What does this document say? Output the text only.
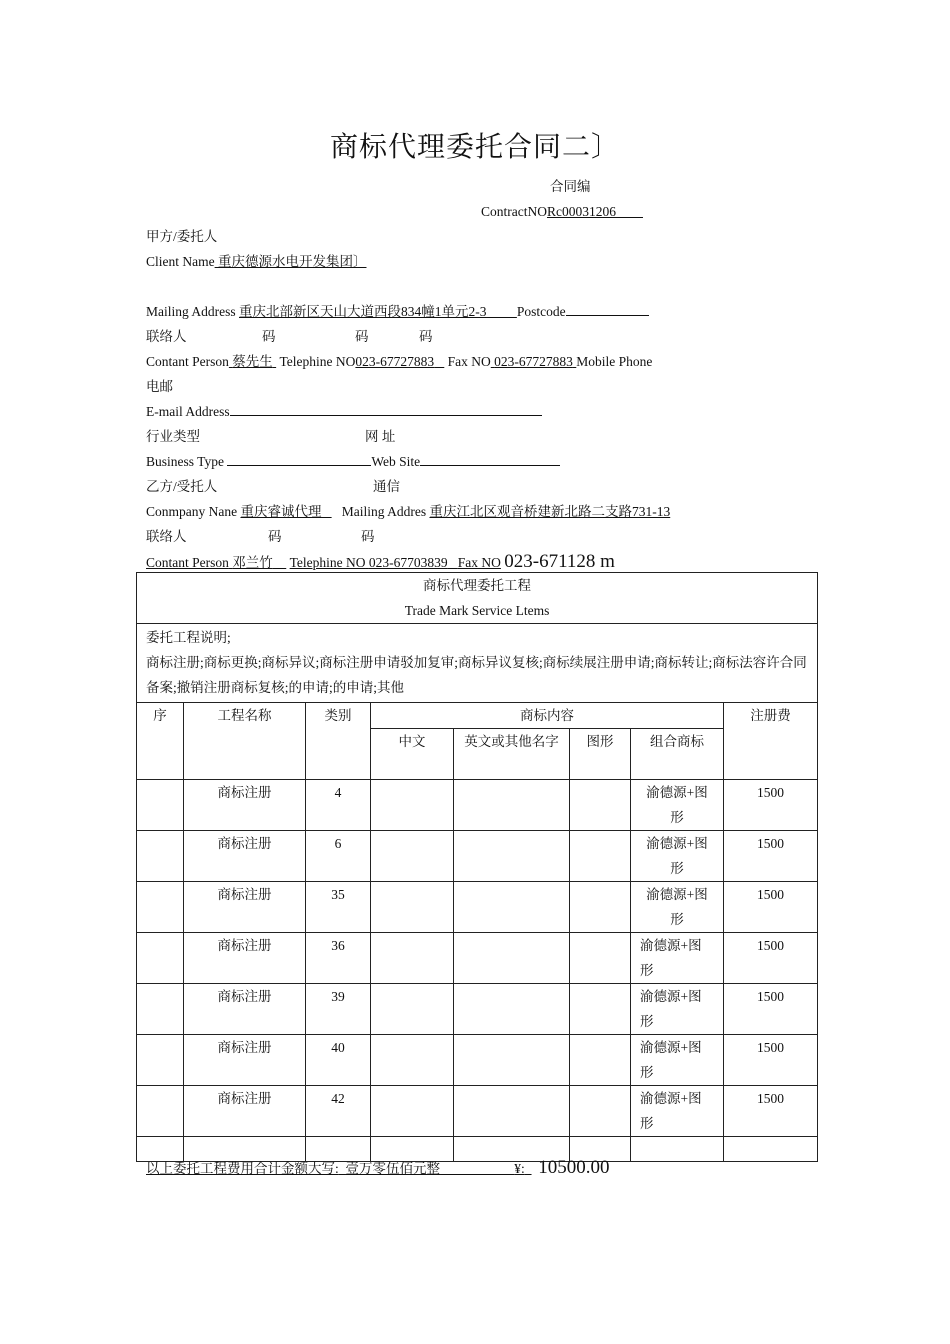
商标代理委托合同二〕
合同编
ContractNORc00031206
甲方/委托人
Client Name 重庆德源水电开发集团〕
Mailing Address 重庆北部新区天山大道西段834幢1单元2-3 Postcode
联络人	码	码	码
Contant Person 蔡先生 Telephine NO023-67727883 Fax NO 023-67727883 Mobile Phone
电邮
E-mail Address
行业类型	网 址
Business Type	Web Site
乙方/受托人	通信
Conmpany Nane 重庆睿诚代理 Mailing Addres 重庆江北区观音桥建新北路二支路731-13
联络人	码	码
Contant Person 邓兰竹 Telephine NO 023-67703839 Fax NO 023-671128 m
商标代理委托工程
Trade Mark Service Ltems							

委托工程说明;
商标注册;商标更换;商标异议;商标注册申请驳加复审;商标异议复核;商标续展注册申请;商标转让;商标法容许合同备案;撤销注册商标复核;的申请;的申请;其他							

序	工程名称	类别	商标内容				注册费
			中文	英文或其他名字	图形	组合商标	
	商标注册	4				渝德源+图形	1500
	商标注册	6				渝德源+图形	1500
	商标注册	35				渝德源+图形	1500
	商标注册	36				渝德源+图形	1500
	商标注册	39				渝德源+图形	1500
	商标注册	40				渝德源+图形	1500
	商标注册	42				渝德源+图形	1500

以上委托工程费用合计金额大写: 壹万零伍佰元整	¥: 10500.00
